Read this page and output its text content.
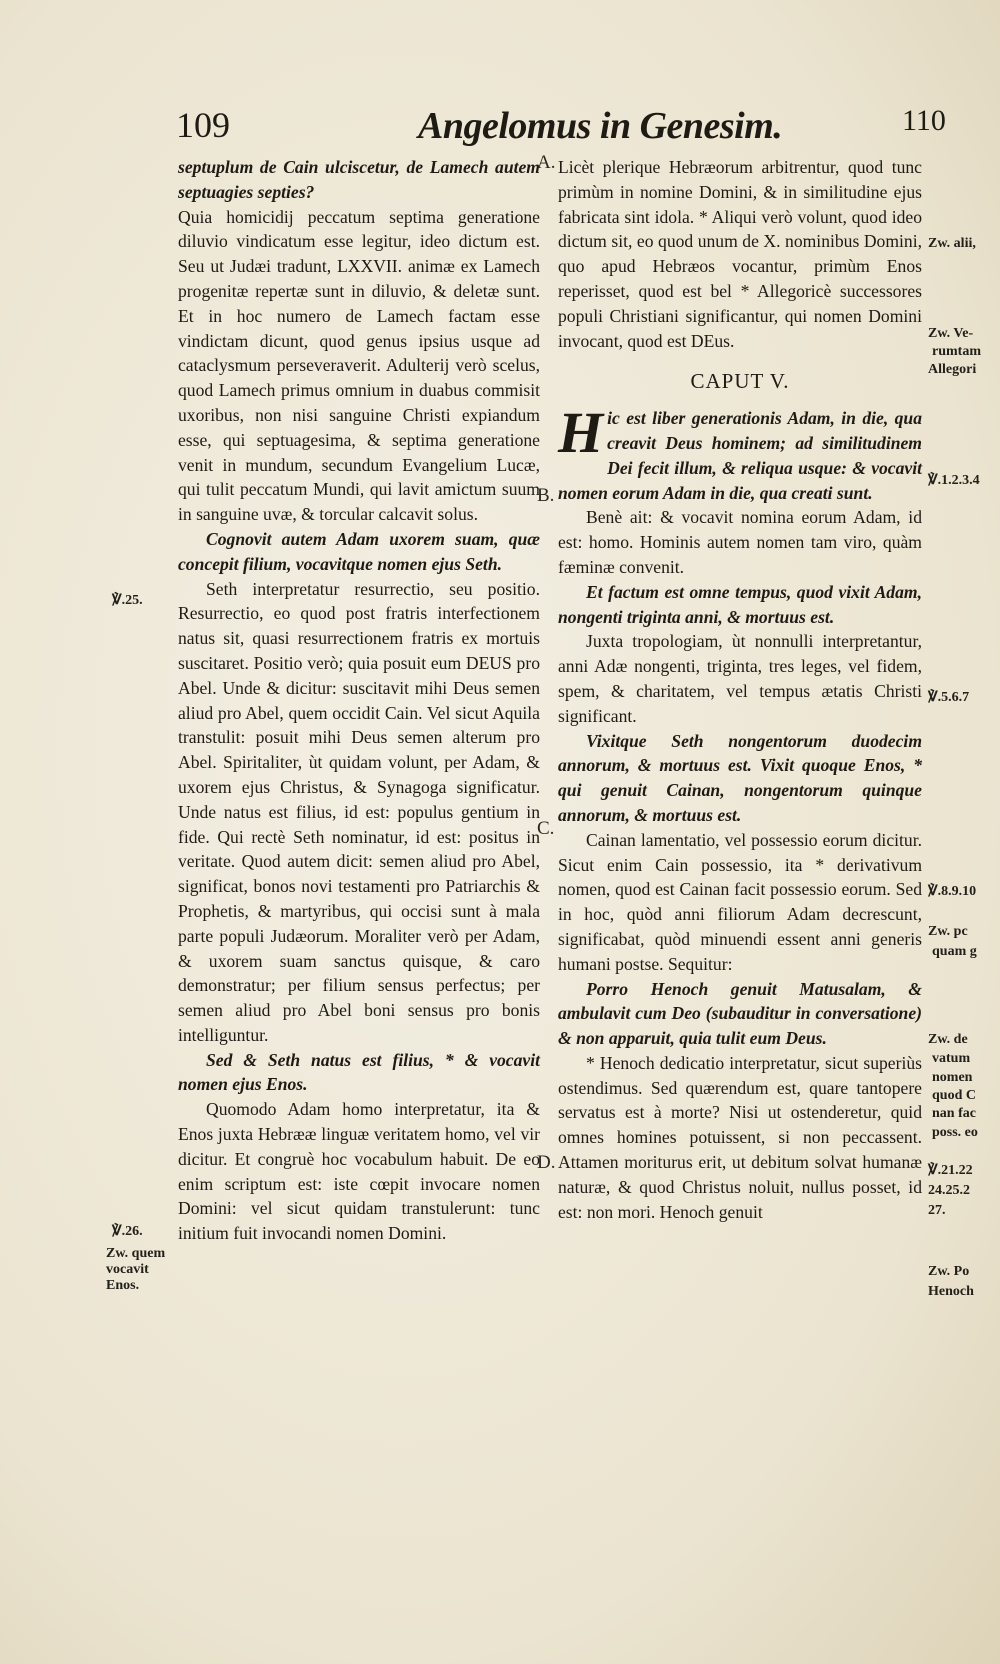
109	Angelomus in Genesim.	110

septuplum de Cain ulciscetur, de Lamech autem septuagies septies?

Quia homicidij peccatum septima generatione diluvio vindicatum esse legitur, ideo dictum est. Seu ut Judæi tradunt, LXXVII. animæ ex Lamech progenitæ repertæ sunt in diluvio, & deletæ sunt. Et in hoc numero de Lamech factam esse vindictam dicunt, quod genus ipsius usque ad cataclysmum perseveraverit. Adulterij verò scelus, quod Lamech primus omnium in duabus commisit uxoribus, non nisi sanguine Christi expiandum esse, qui septuagesima, & septima generatione venit in mundum, secundum Evangelium Lucæ, qui tulit peccatum Mundi, qui lavit amictum suum in sanguine uvæ, & torcular calcavit solus.

Cognovit autem Adam uxorem suam, quæ concepit filium, vocavitque nomen ejus Seth.

Seth interpretatur resurrectio, seu positio. Resurrectio, eo quod post fratris interfectionem natus sit, quasi resurrectionem fratris ex mortuis suscitaret. Positio verò; quia posuit eum DEUS pro Abel. Unde & dicitur: suscitavit mihi Deus semen aliud pro Abel, quem occidit Cain. Vel sicut Aquila transtulit: posuit mihi Deus semen alterum pro Abel. Spiritaliter, ùt quidam volunt, per Adam, & uxorem ejus Christus, & Synagoga significatur. Unde natus est filius, id est: populus gentium in fide. Qui rectè Seth nominatur, id est: positus in veritate. Quod autem dicit: semen aliud pro Abel, significat, bonos novi testamenti pro Patriarchis & Prophetis, & martyribus, qui occisi sunt à mala parte populi Judæorum. Moraliter verò per Adam, & uxorem suam sanctus quisque, & caro demonstratur; per filium sensus perfectus; per semen aliud pro Abel boni sensus pro bonis intelliguntur.

Sed & Seth natus est filius, * & vocavit nomen ejus Enos.

Quomodo Adam homo interpretatur, ita & Enos juxta Hebrææ linguæ veritatem homo, vel vir dicitur. Et congruè hoc vocabulum habuit. De eo enim scriptum est: iste cœpit invocare nomen Domini: vel sicut quidam transtulerunt: tunc initium fuit invocandi nomen Domini.

Licèt plerique Hebræorum arbitrentur, quod tunc primùm in nomine Domini, & in similitudine ejus fabricata sint idola. * Aliqui verò volunt, quod ideo dictum sit, eo quod unum de X. nominibus Domini, quo apud Hebræos vocantur, primùm Enos reperisset, quod est bel * Allegoricè successores populi Christiani significantur, qui nomen Domini invocant, quod est DEus.

CAPUT V.

Hic est liber generationis Adam, in die, qua creavit Deus hominem; ad similitudinem Dei fecit illum, & reliqua usque: & vocavit nomen eorum Adam in die, qua creati sunt.

Benè ait: & vocavit nomina eorum Adam, id est: homo. Hominis autem nomen tam viro, quàm fæminæ convenit.

Et factum est omne tempus, quod vixit Adam, nongenti triginta anni, & mortuus est.

Juxta tropologiam, ùt nonnulli interpretantur, anni Adæ nongenti, triginta, tres leges, vel fidem, spem, & charitatem, vel tempus ætatis Christi significant.

Vixitque Seth nongentorum duodecim annorum, & mortuus est. Vixit quoque Enos, * qui genuit Cainan, nongentorum quinque annorum, & mortuus est.

Cainan lamentatio, vel possessio eorum dicitur. Sicut enim Cain possessio, ita * derivativum nomen, quod est Cainan facit possessio eorum. Sed in hoc, quòd anni filiorum Adam decrescunt, significabat, quòd minuendi essent anni generis humani postse. Sequitur:

Porro Henoch genuit Matusalam, & ambulavit cum Deo (subauditur in conversatione) & non apparuit, quia tulit eum Deus.

* Henoch dedicatio interpretatur, sicut superiùs ostendimus. Sed quærendum est, quare tantopere servatus est à morte? Nisi ut ostenderetur, quid omnes homines potuissent, si non peccassent. Attamen moriturus erit, ut debitum solvat humanæ naturæ, & quod Christus noluit, nullus posset, id est: non mori. Henoch genuit

A.
B.
C.
D.
℣.25.
℣.26.
Zw. quem
vocavit
Enos.
Zw. alii,
Zw. Ve-
rumtam
Allegori
℣.1.2.3.4
℣.5.6.7
℣.8.9.10
Zw. pc
quam g
Zw. de
vatum
nomen
quod C
nan fac
poss. eo
℣.21.22
24.25.2
27.
Zw. Po
Henoch
